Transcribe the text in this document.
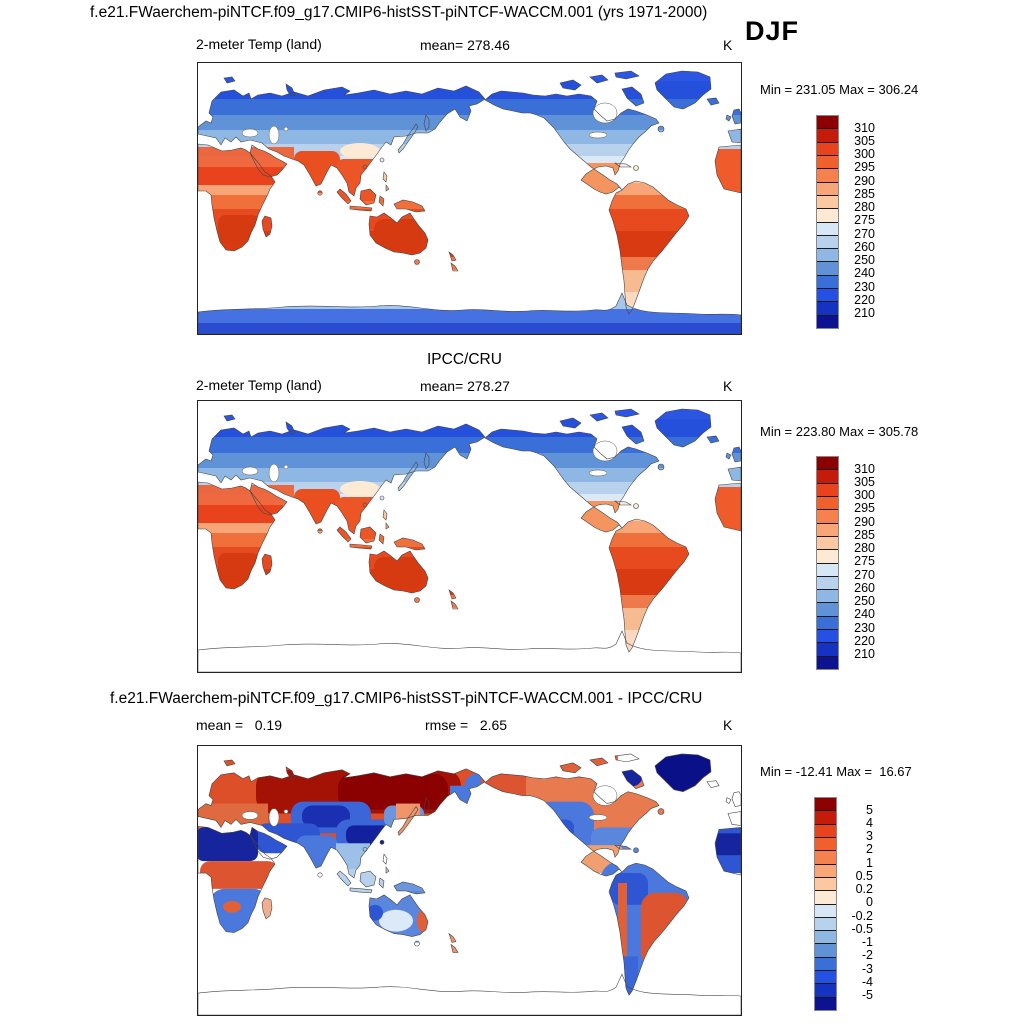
f.e21.FWaerchem-piNTCF.f09_g17.CMIP6-histSST-piNTCF-WACCM.001 (yrs 1971-2000)
DJF
2-meter Temp (land)	mean= 278.46	K
Min = 231.05 Max = 306.24
310
305
300
295
290
285
280
275
270
260
250
240
230
220
210
IPCC/CRU
2-meter Temp (land)	mean= 278.27	K
Min = 223.80 Max = 305.78
310
305
300
295
290
285
280
275
270
260
250
240
230
220
210
f.e21.FWaerchem-piNTCF.f09_g17.CMIP6-histSST-piNTCF-WACCM.001 - IPCC/CRU
mean =   0.19	rmse =   2.65	K
Min = -12.41 Max =  16.67
5
4
3
2
1
0.5
0.2
0
-0.2
-0.5
-1
-2
-3
-4
-5
